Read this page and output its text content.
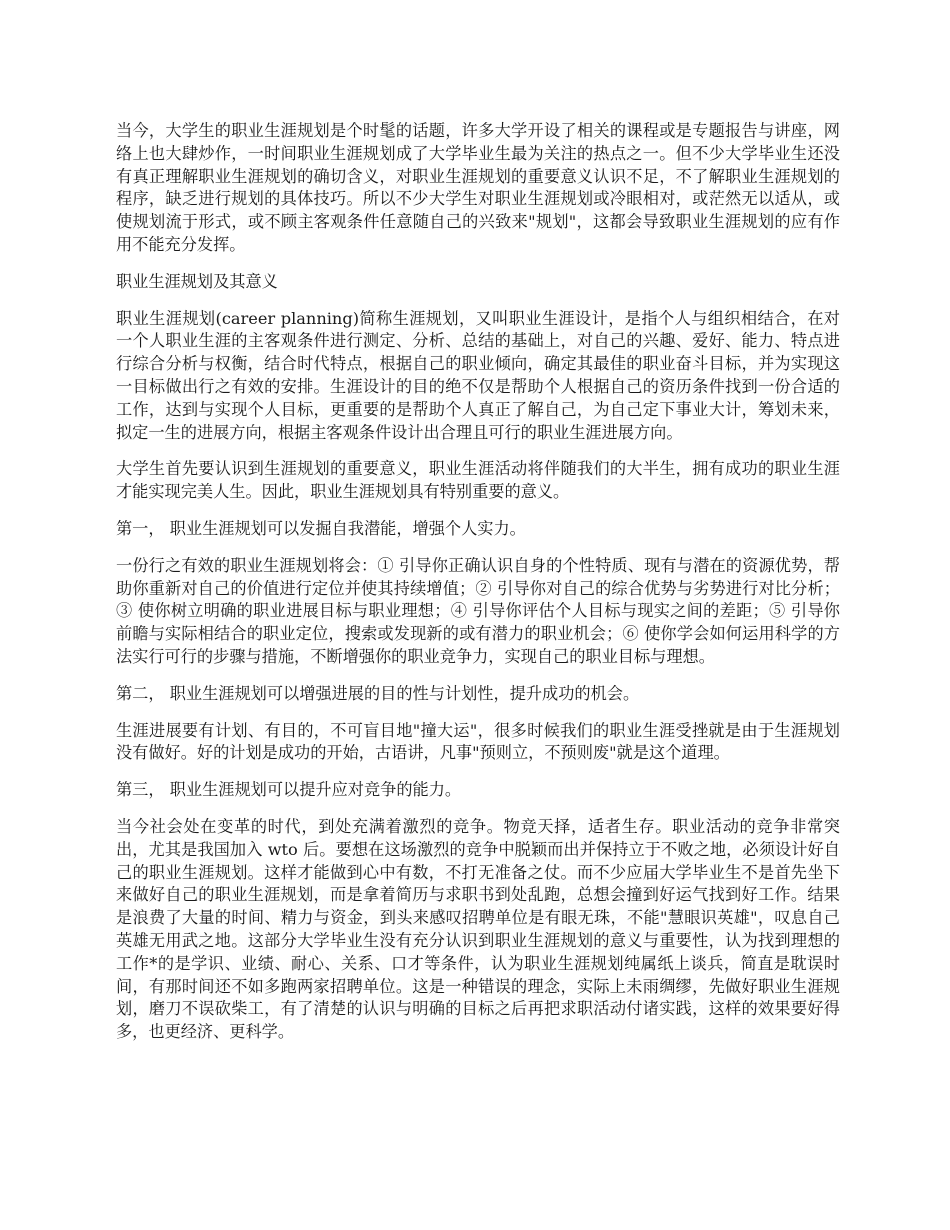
当今，大学生的职业生涯规划是个时髦的话题，许多大学开设了相关的课程或是专题报告与讲座，网络上也大肆炒作，一时间职业生涯规划成了大学毕业生最为关注的热点之一。但不少大学毕业生还没有真正理解职业生涯规划的确切含义，对职业生涯规划的重要意义认识不足，不了解职业生涯规划的程序，缺乏进行规划的具体技巧。所以不少大学生对职业生涯规划或冷眼相对，或茫然无以适从，或使规划流于形式，或不顾主客观条件任意随自己的兴致来"规划"，这都会导致职业生涯规划的应有作用不能充分发挥。

职业生涯规划及其意义

职业生涯规划(career planning)简称生涯规划，又叫职业生涯设计，是指个人与组织相结合，在对一个人职业生涯的主客观条件进行测定、分析、总结的基础上，对自己的兴趣、爱好、能力、特点进行综合分析与权衡，结合时代特点，根据自己的职业倾向，确定其最佳的职业奋斗目标，并为实现这一目标做出行之有效的安排。生涯设计的目的绝不仅是帮助个人根据自己的资历条件找到一份合适的工作，达到与实现个人目标，更重要的是帮助个人真正了解自己，为自己定下事业大计，筹划未来，拟定一生的进展方向，根据主客观条件设计出合理且可行的职业生涯进展方向。

大学生首先要认识到生涯规划的重要意义，职业生涯活动将伴随我们的大半生，拥有成功的职业生涯才能实现完美人生。因此，职业生涯规划具有特别重要的意义。

第一， 职业生涯规划可以发掘自我潜能，增强个人实力。

一份行之有效的职业生涯规划将会：① 引导你正确认识自身的个性特质、现有与潜在的资源优势，帮助你重新对自己的价值进行定位并使其持续增值；② 引导你对自己的综合优势与劣势进行对比分析；③ 使你树立明确的职业进展目标与职业理想；④ 引导你评估个人目标与现实之间的差距；⑤ 引导你前瞻与实际相结合的职业定位，搜索或发现新的或有潜力的职业机会；⑥ 使你学会如何运用科学的方法实行可行的步骤与措施，不断增强你的职业竞争力，实现自己的职业目标与理想。

第二， 职业生涯规划可以增强进展的目的性与计划性，提升成功的机会。

生涯进展要有计划、有目的，不可盲目地"撞大运"，很多时候我们的职业生涯受挫就是由于生涯规划没有做好。好的计划是成功的开始，古语讲，凡事"预则立，不预则废"就是这个道理。

第三， 职业生涯规划可以提升应对竞争的能力。

当今社会处在变革的时代，到处充满着激烈的竞争。物竞天择，适者生存。职业活动的竞争非常突出，尤其是我国加入 wto 后。要想在这场激烈的竞争中脱颖而出并保持立于不败之地，必须设计好自己的职业生涯规划。这样才能做到心中有数，不打无准备之仗。而不少应届大学毕业生不是首先坐下来做好自己的职业生涯规划，而是拿着简历与求职书到处乱跑，总想会撞到好运气找到好工作。结果是浪费了大量的时间、精力与资金，到头来感叹招聘单位是有眼无珠，不能"慧眼识英雄"，叹息自己英雄无用武之地。这部分大学毕业生没有充分认识到职业生涯规划的意义与重要性，认为找到理想的工作*的是学识、业绩、耐心、关系、口才等条件，认为职业生涯规划纯属纸上谈兵，简直是耽误时间，有那时间还不如多跑两家招聘单位。这是一种错误的理念，实际上未雨绸缪，先做好职业生涯规划，磨刀不误砍柴工，有了清楚的认识与明确的目标之后再把求职活动付诸实践，这样的效果要好得多，也更经济、更科学。
